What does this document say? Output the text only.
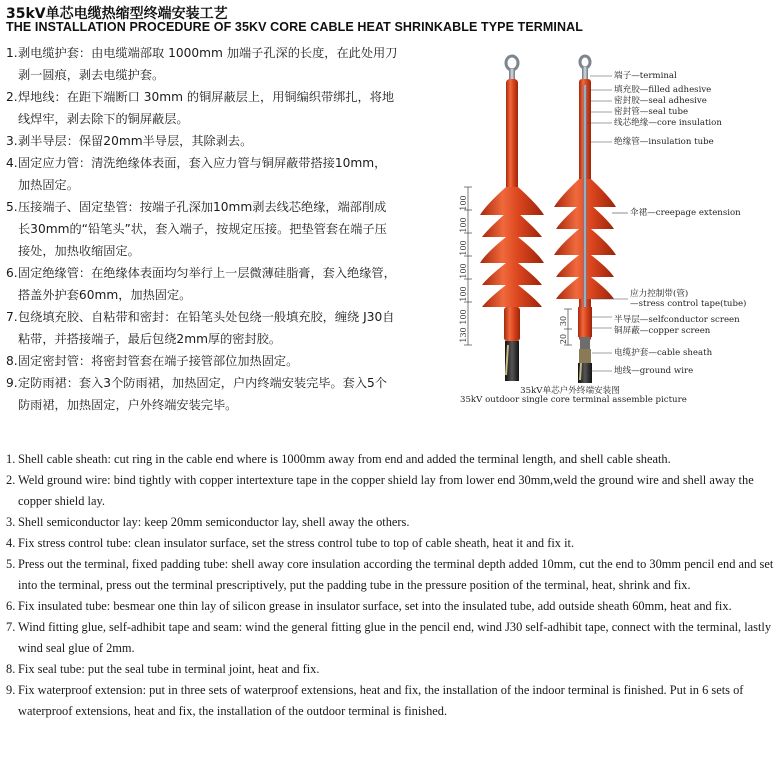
35kV单芯电缆热缩型终端安装工艺
THE INSTALLATION PROCEDURE OF 35KV CORE CABLE HEAT SHRINKABLE TYPE TERMINAL
1. 剥电缆护套：由电缆端部取 1000mm 加端子孔深的长度，在此处用刀剥一圆痕，剥去电缆护套。
2. 焊地线：在距下端断口 30mm 的铜屏蔽层上，用铜编织带绑扎，将地线焊牢，剥去除下的铜屏蔽层。
3. 剥半导层：保留20mm半导层，其除剥去。
4. 固定应力管：清洗绝缘体表面，套入应力管与铜屏蔽带搭接10mm，加热固定。
5. 压接端子、固定垫管：按端子孔深加10mm剥去线芯绝缘，端部削成长30mm的“铅笔头”状，套入端子，按规定压接。把垫管套在端子压接处，加热收缩固定。
6. 固定绝缘管：在绝缘体表面均匀举行上一层微薄硅脂膏，套入绝缘管，搭盖外护套60mm，加热固定。
7. 包绕填充胶、自粘带和密封：在铅笔头处包绕一般填充胶，缠绕 J30自粘带，并搭接端子，最后包绕2mm厚的密封胶。
8. 固定密封管：将密封管套在端子接管部位加热固定。
9. 定防雨裙：套入3个防雨裙，加热固定，户内终端安装完毕。套入5个防雨裙，加热固定，户外终端安装完毕。
100
100
100
100
100
100
130
30
20
端子—terminal
填充胶—filled adhesive
密封胶—seal adhesive
密封管—seal tube
线芯绝缘—core insulation
绝缘管—insulation tube
伞裙—creepage extension
应力控制带(管)
—stress control tape(tube)
半导层—selfconductor screen
铜屏蔽—copper screen
电缆护套—cable sheath
地线—ground wire
35kV单芯户外终端安装图
35kV outdoor single core terminal assemble picture
1. Shell cable sheath: cut ring in the cable end where is 1000mm away from end and added the terminal length, and shell cable sheath.
2. Weld ground wire: bind tightly with copper intertexture tape in the copper shield lay from lower end 30mm,weld the ground wire and shell away the copper shield lay.
3. Shell semiconductor lay: keep 20mm semiconductor lay, shell away the others.
4. Fix stress control tube: clean insulator surface, set the stress control tube to top of cable sheath, heat it and fix it.
5. Press out the terminal, fixed padding tube: shell away core insulation according the terminal depth added 10mm, cut the end to 30mm pencil end and set into the terminal, press out the terminal prescriptively, put the padding tube in the pressure position of the terminal, heat, shrink and fix.
6. Fix insulated tube: besmear one thin lay of silicon grease in insulator surface, set into the insulated tube, add outside sheath 60mm, heat and fix.
7. Wind fitting glue, self-adhibit tape and seam: wind the general fitting glue in the pencil end, wind J30 self-adhibit tape, connect with the terminal, lastly wind seal glue of 2mm.
8. Fix seal tube: put the seal tube in terminal joint, heat and fix.
9. Fix waterproof extension: put in three sets of waterproof extensions, heat and fix, the installation of the indoor terminal is finished. Put in 6 sets of waterproof extensions, heat and fix, the installation of the outdoor terminal is finished.
